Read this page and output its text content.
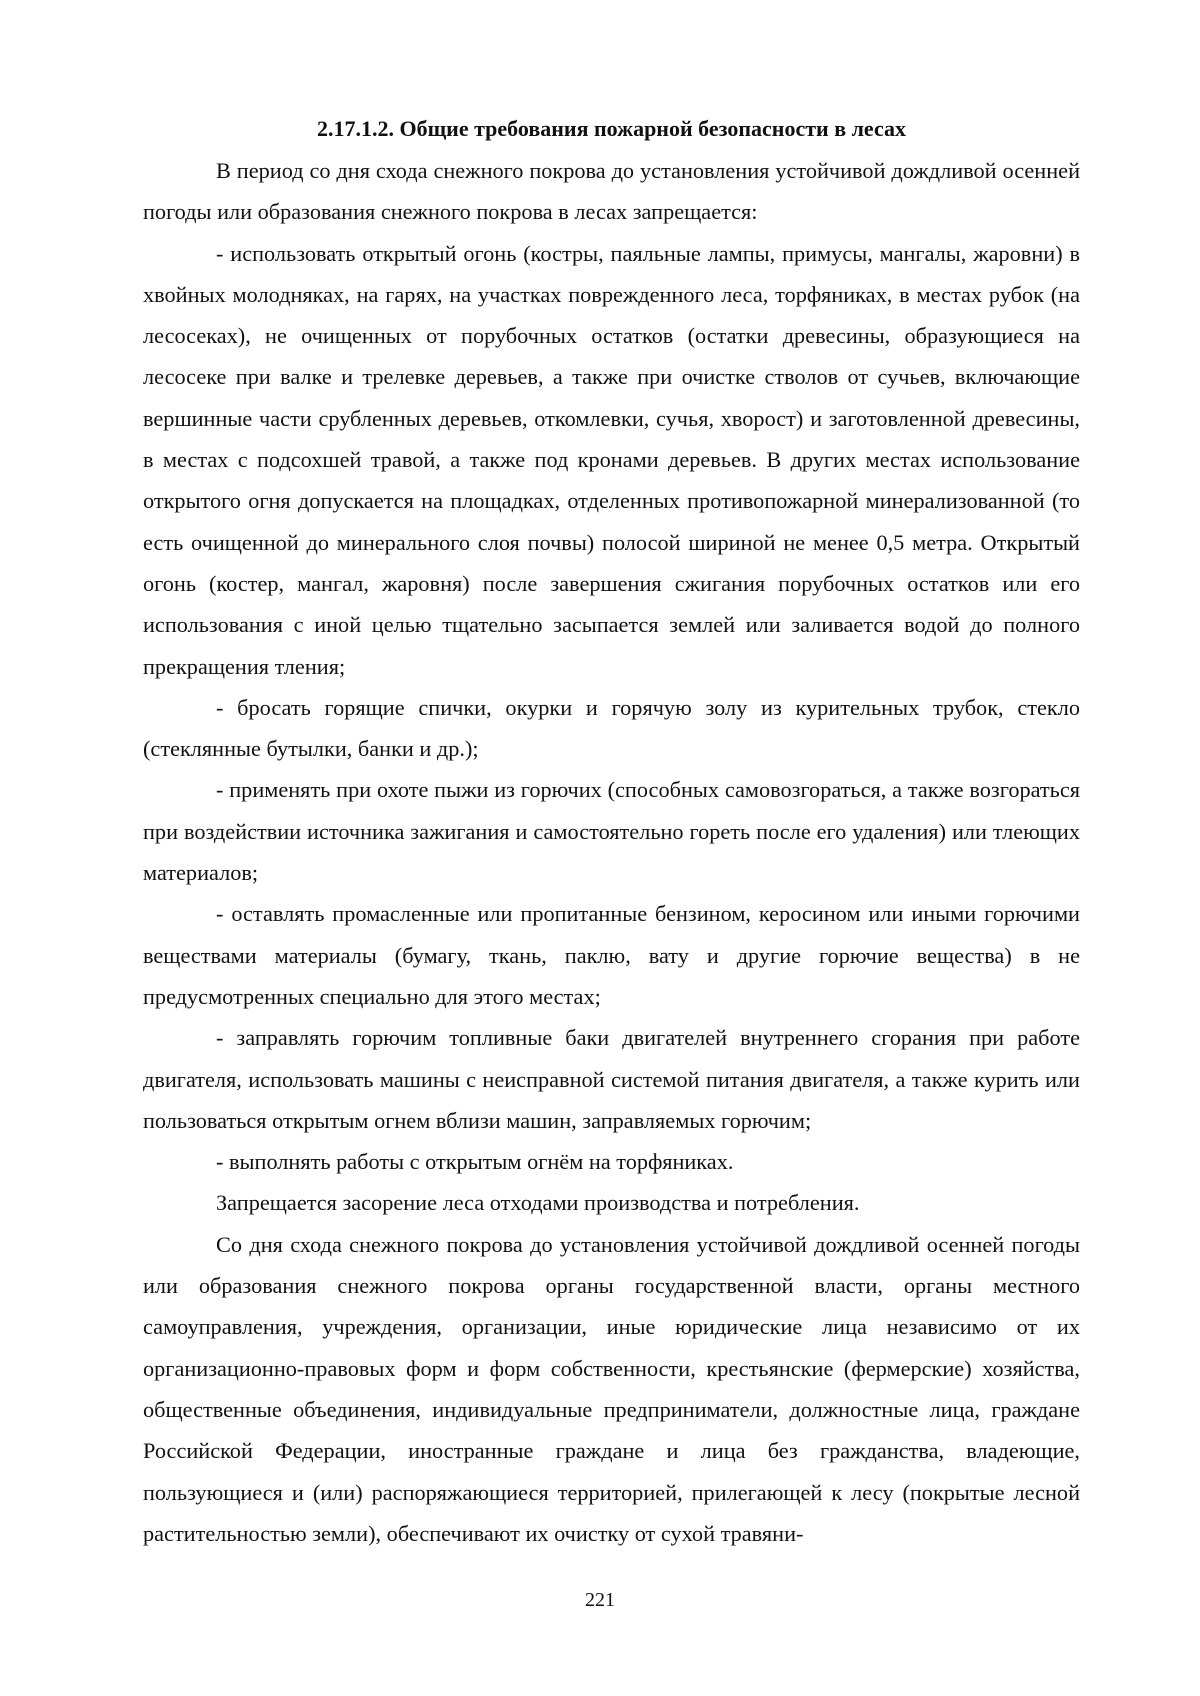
2.17.1.2. Общие требования пожарной безопасности в лесах

В период со дня схода снежного покрова до установления устойчивой дождливой осенней погоды или образования снежного покрова в лесах запрещается:

- использовать открытый огонь (костры, паяльные лампы, примусы, мангалы, жаровни) в хвойных молодняках, на гарях, на участках поврежденного леса, торфяниках, в местах рубок (на лесосеках), не очищенных от порубочных остатков (остатки древесины, образующиеся на лесосеке при валке и трелевке деревьев, а также при очистке стволов от сучьев, включающие вершинные части срубленных деревьев, откомлевки, сучья, хворост) и заготовленной древесины, в местах с подсохшей травой, а также под кронами деревьев. В других местах использование открытого огня допускается на площадках, отделенных противопожарной минерализованной (то есть очищенной до минерального слоя почвы) полосой шириной не менее 0,5 метра. Открытый огонь (костер, мангал, жаровня) после завершения сжигания порубочных остатков или его использования с иной целью тщательно засыпается землей или заливается водой до полного прекращения тления;

- бросать горящие спички, окурки и горячую золу из курительных трубок, стекло (стеклянные бутылки, банки и др.);

- применять при охоте пыжи из горючих (способных самовозгораться, а также возгораться при воздействии источника зажигания и самостоятельно гореть после его удаления) или тлеющих материалов;

- оставлять промасленные или пропитанные бензином, керосином или иными горючими веществами материалы (бумагу, ткань, паклю, вату и другие горючие вещества) в не предусмотренных специально для этого местах;

- заправлять горючим топливные баки двигателей внутреннего сгорания при работе двигателя, использовать машины с неисправной системой питания двигателя, а также курить или пользоваться открытым огнем вблизи машин, заправляемых горючим;

- выполнять работы с открытым огнём на торфяниках.

Запрещается засорение леса отходами производства и потребления.

Со дня схода снежного покрова до установления устойчивой дождливой осенней погоды или образования снежного покрова органы государственной власти, органы местного самоуправления, учреждения, организации, иные юридические лица независимо от их организационно-правовых форм и форм собственности, крестьянские (фермерские) хозяйства, общественные объединения, индивидуальные предприниматели, должностные лица, граждане Российской Федерации, иностранные граждане и лица без гражданства, владеющие, пользующиеся и (или) распоряжающиеся территорией, прилегающей к лесу (покрытые лесной растительностью земли), обеспечивают их очистку от сухой травяни-

221
